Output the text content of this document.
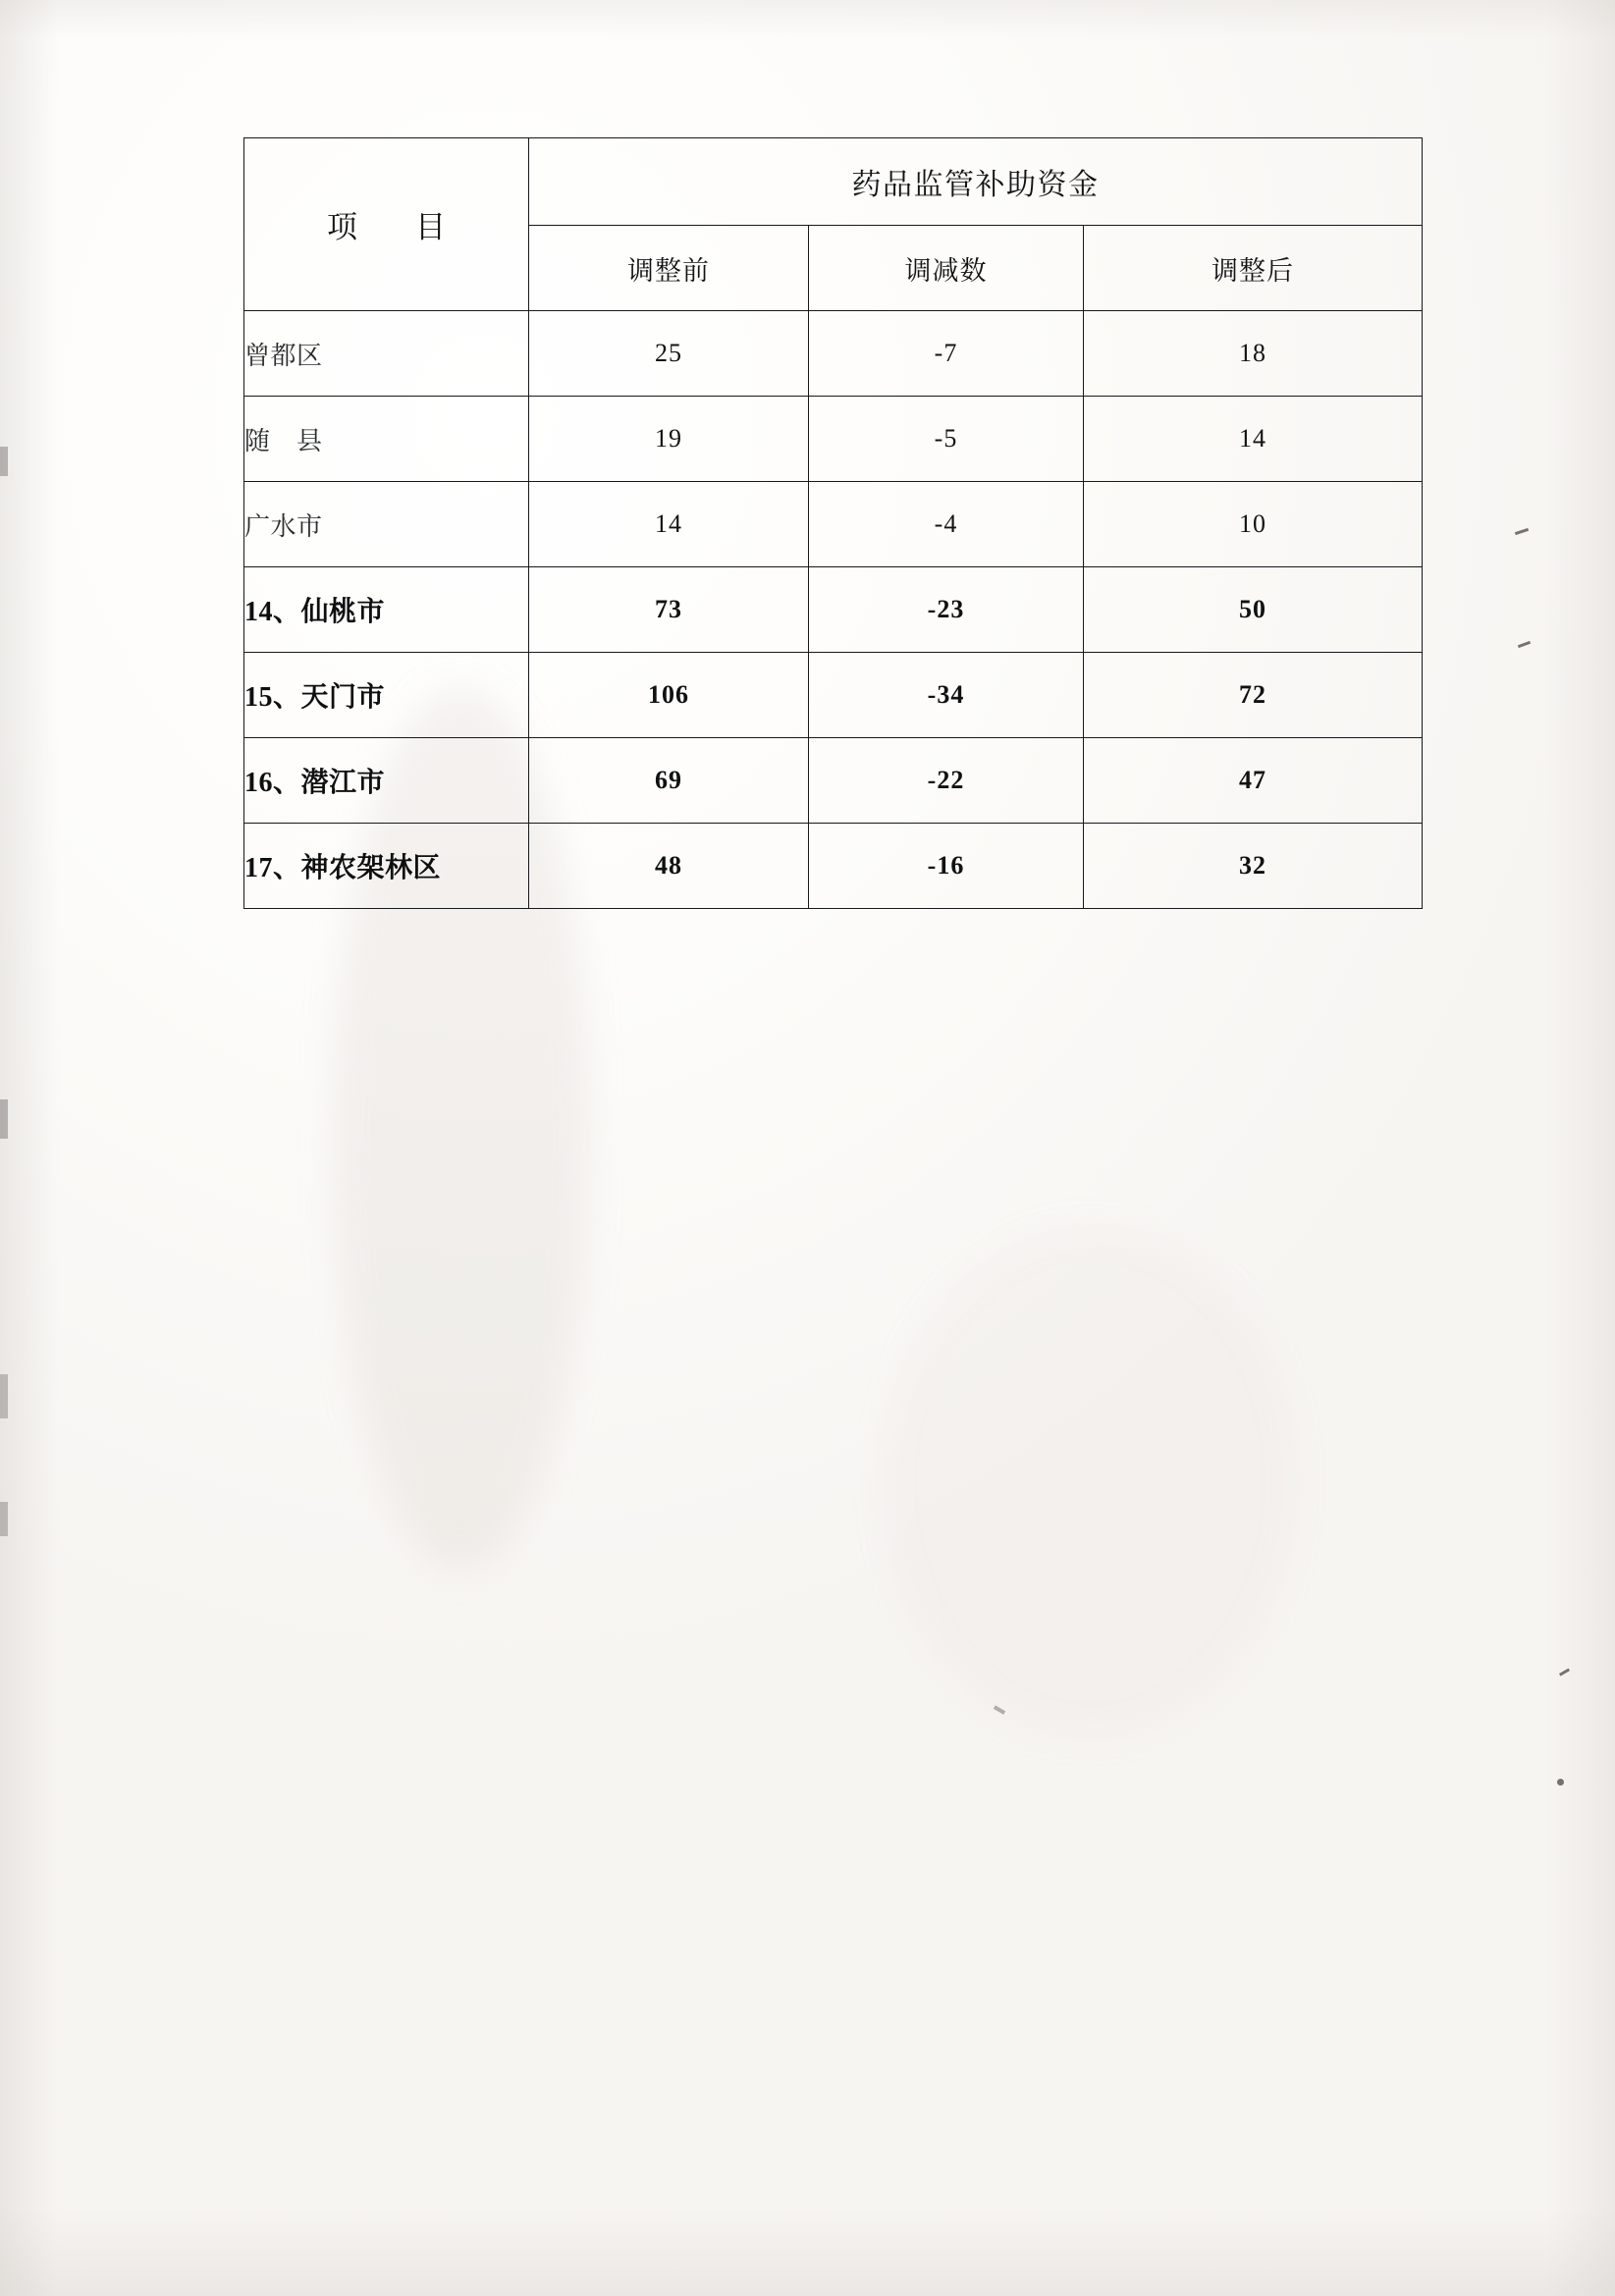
项　目	药品监管补助资金		
	调整前	调减数	调整后
曾都区	25	-7	18
随　县	19	-5	14
广水市	14	-4	10
14、仙桃市	73	-23	50
15、天门市	106	-34	72
16、潜江市	69	-22	47
17、神农架林区	48	-16	32
